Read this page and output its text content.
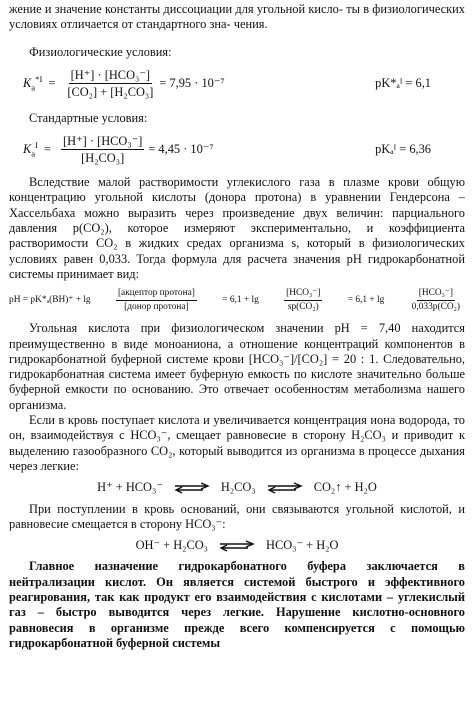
жение и значение константы диссоциации для угольной кисло- ты в физиологических условиях отличается от стандартного зна- чения.

Физиологические условия:

$K_a^{*I} = \frac{\text{[H⁺] · [HCO₃⁻]}}{\text{[CO₂] + [H₂CO₃]}} = 7,95 \cdot 10^{-7}$	pK*ₐᴵ = 6,1

Стандартные условия:

$K_a^I = \frac{\text{[H⁺] · [HCO₃⁻]}}{\text{[H₂CO₃]}} = 4,45 \cdot 10^{-7}$	pKₐᴵ = 6,36

Вследствие малой растворимости углекислого газа в плазме крови общую концентрацию угольной кислоты (донора протона) в уравнении Гендерсона – Хассельбаха можно выразить через произведение двух величин: парциального давления p(CO₂), которое измеряют экспериментально, и коэффициента растворимости CO₂ в жидких средах организма s, который в физиологических условиях равен 0,033. Тогда формула для расчета значения pH гидрокарбонатной системы принимает вид:

pH = pK*ₐ(BH)⁺ + lg	$\frac{\text{[акцептор протона]}}{\text{[донор протона]}}$	= 6,1 + lg	$\frac{\text{[HCO₃⁻]}}{\text{sp(CO₂)}}$	= 6,1 + lg	$\frac{\text{[HCO₃⁻]}}{\text{0,033p(CO₂)}}$

Угольная кислота при физиологическом значении pH = 7,40 находится преимущественно в виде моноаниона, а отношение концентраций компонентов в гидрокарбонатной буферной системе крови [HCO₃⁻]/[CO₂] = 20 : 1. Следовательно, гидрокарбонатная система имеет буферную емкость по кислоте значительно больше буферной емкости по основанию. Это отвечает особенностям метаболизма нашего организма.

Если в кровь поступает кислота и увеличивается концентрация иона водорода, то он, взаимодействуя с HCO₃⁻, смещает равновесие в сторону H₂CO₃ и приводит к выделению газообразного CO₂, который выводится из организма в процессе дыхания через легкие:

H⁺ + HCO₃⁻ ⇌ H₂CO₃ ⇌ CO₂↑ + H₂O

При поступлении в кровь оснований, они связываются угольной кислотой, и равновесие смещается в сторону HCO₃⁻:

OH⁻ + H₂CO₃ ⇌ HCO₃⁻ + H₂O

Главное назначение гидрокарбонатного буфера заключается в нейтрализации кислот. Он является системой быстрого и эффективного реагирования, так как продукт его взаимодействия с кислотами – углекислый газ – быстро выводится через легкие. Нарушение кислотно-основного равновесия в организме прежде всего компенсируется с помощью гидрокарбонатной буферной системы
